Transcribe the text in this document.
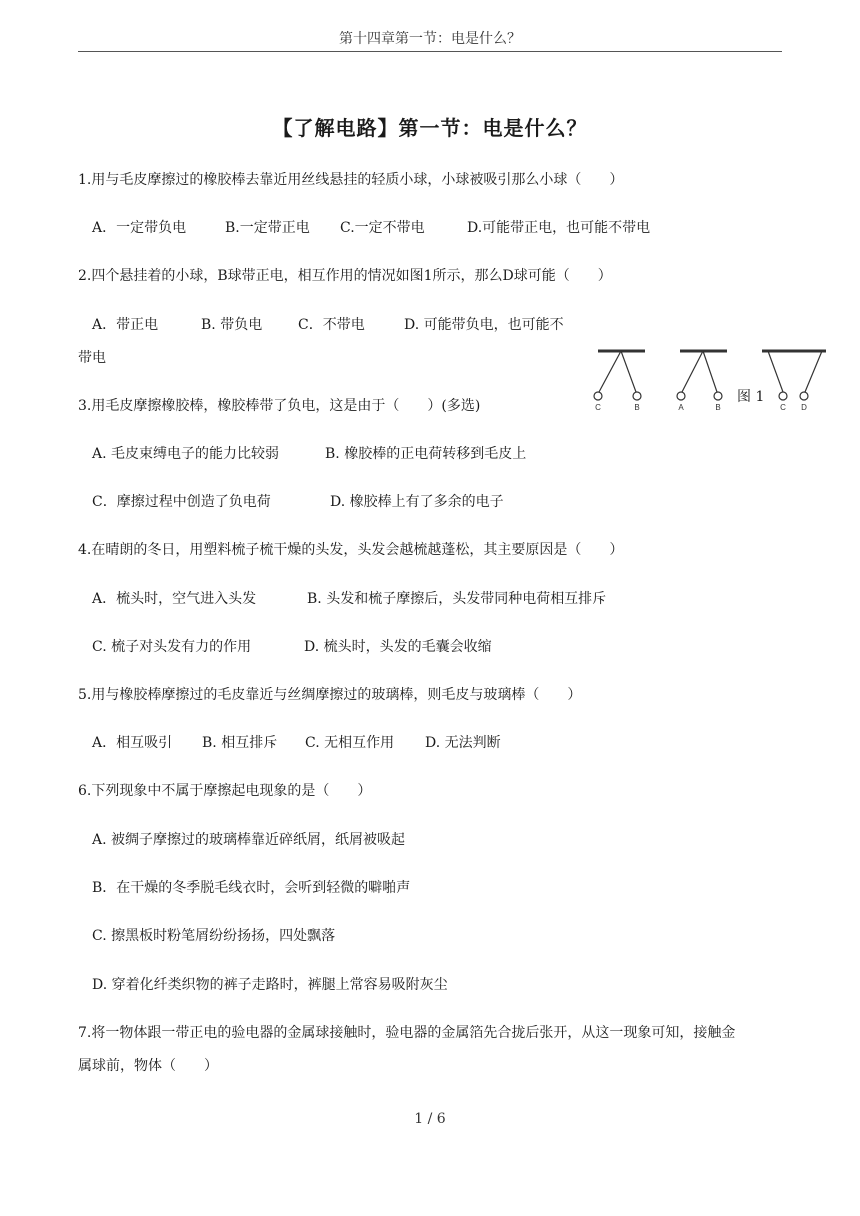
第十四章第一节：电是什么？
【了解电路】第一节：电是什么？
1.用与毛皮摩擦过的橡胶棒去靠近用丝线悬挂的轻质小球，小球被吸引那么小球（　　）
A．一定带负电	B.一定带正电 C.一定不带电	D.可能带正电，也可能不带电
2.四个悬挂着的小球，B球带正电，相互作用的情况如图1所示，那么D球可能（　　）
A．带正电	B. 带负电	C．不带电	D. 可能带负电，也可能不
带电
C	B	A	B	C D
图 1
3.用毛皮摩擦橡胶棒，橡胶棒带了负电，这是由于（　　）(多选)
A. 毛皮束缚电子的能力比较弱	B. 橡胶棒的正电荷转移到毛皮上
C．摩擦过程中创造了负电荷	D. 橡胶棒上有了多余的电子
4.在晴朗的冬日，用塑料梳子梳干燥的头发，头发会越梳越蓬松，其主要原因是（　　）
A．梳头时，空气进入头发	B. 头发和梳子摩擦后，头发带同种电荷相互排斥
C. 梳子对头发有力的作用	D. 梳头时，头发的毛囊会收缩
5.用与橡胶棒摩擦过的毛皮靠近与丝绸摩擦过的玻璃棒，则毛皮与玻璃棒（　　）
A．相互吸引 B. 相互排斥 C. 无相互作用 D. 无法判断
6.下列现象中不属于摩擦起电现象的是（　　）
A. 被绸子摩擦过的玻璃棒靠近碎纸屑，纸屑被吸起
B．在干燥的冬季脱毛线衣时，会听到轻微的噼啪声
C. 擦黑板时粉笔屑纷纷扬扬，四处飘落
D. 穿着化纤类织物的裤子走路时，裤腿上常容易吸附灰尘
7.将一物体跟一带正电的验电器的金属球接触时，验电器的金属箔先合拢后张开，从这一现象可知，接触金
属球前，物体（　　）
1 / 6
